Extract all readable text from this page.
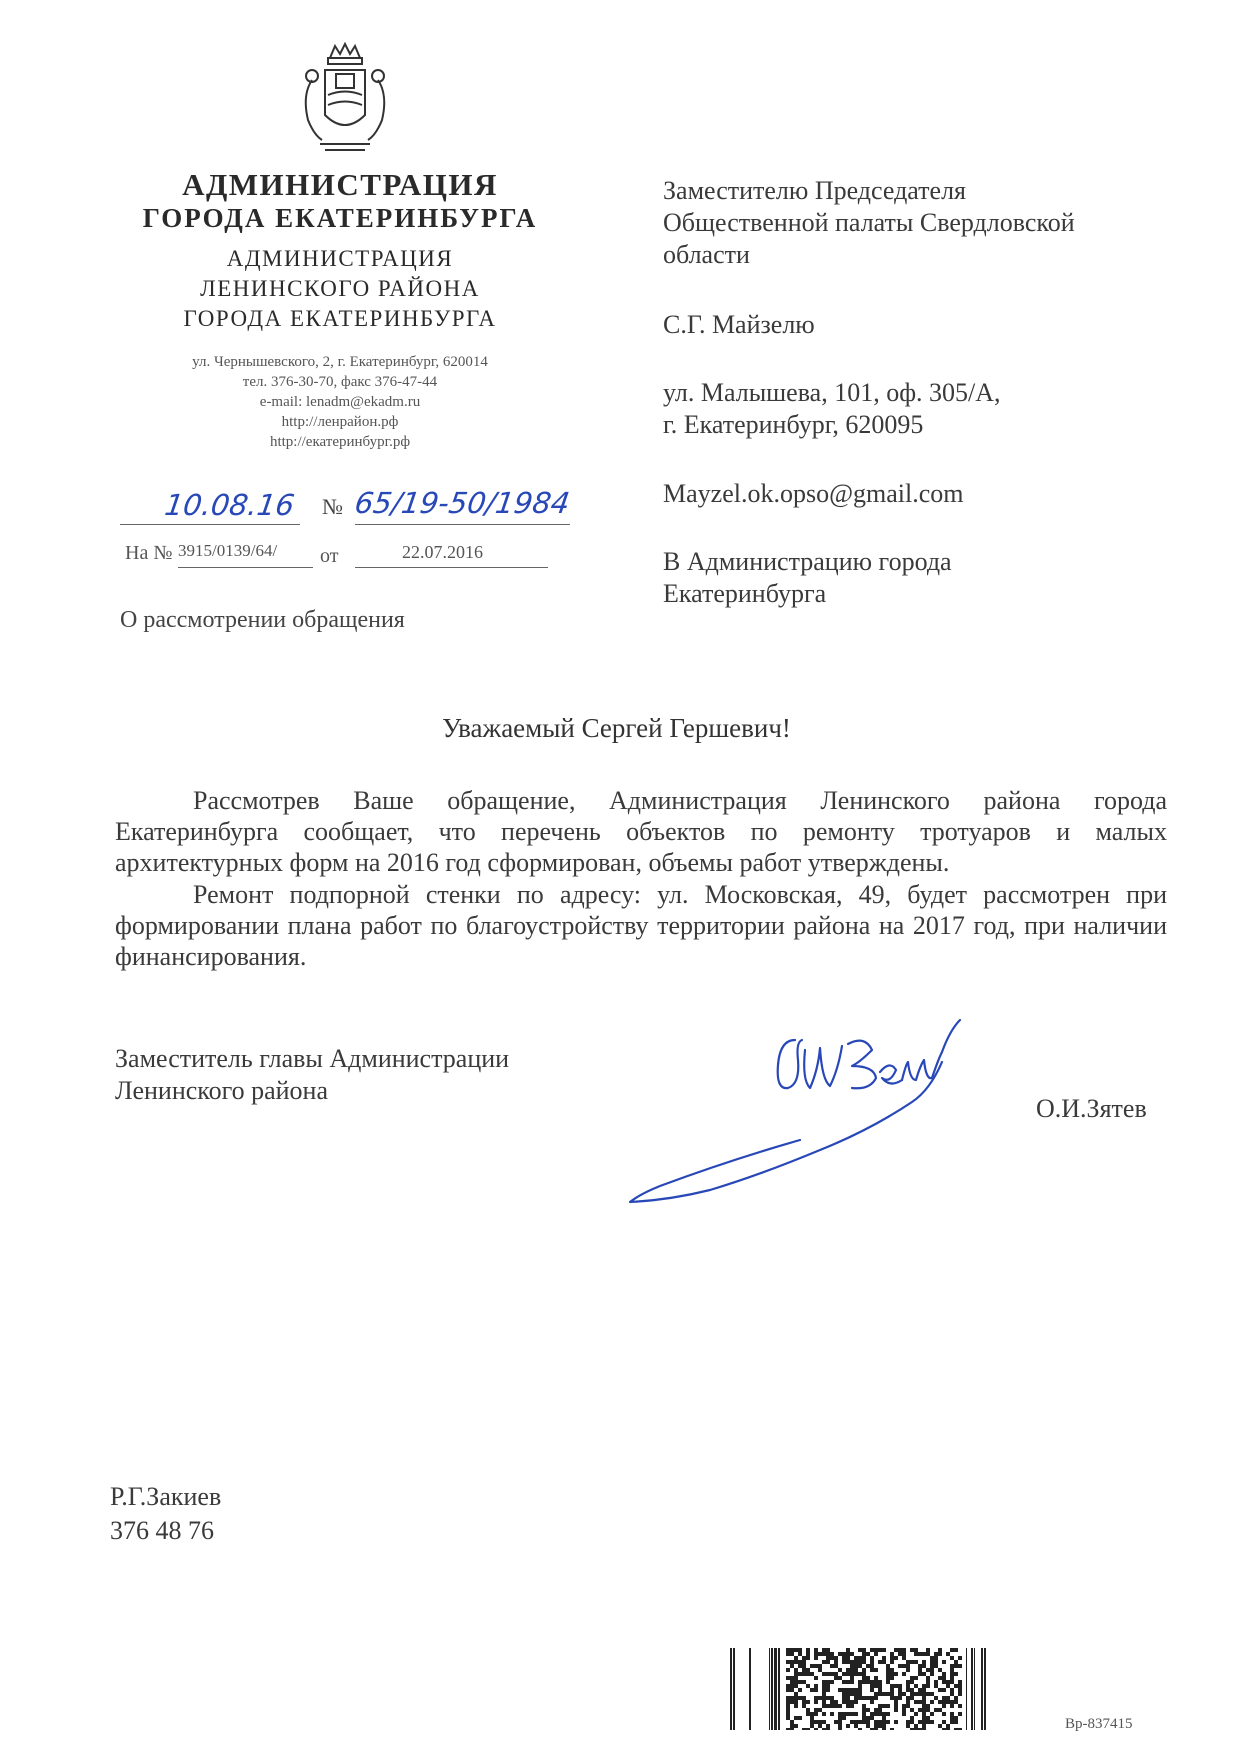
АДМИНИСТРАЦИЯ
ГОРОДА ЕКАТЕРИНБУРГА
АДМИНИСТРАЦИЯ
ЛЕНИНСКОГО РАЙОНА
ГОРОДА ЕКАТЕРИНБУРГА
ул. Чернышевского, 2, г. Екатеринбург, 620014
тел. 376-30-70, факс 376-47-44
e-mail: lenadm@ekadm.ru
http://ленрайон.рф
http://екатеринбург.рф
10.08.16 № 65/19-50/1984
На № 3915/0139/64/ от	22.07.2016
О рассмотрении обращения
Заместителю Председателя
Общественной палаты Свердловской
области
С.Г. Майзелю
ул. Малышева, 101, оф. 305/А,
г. Екатеринбург, 620095
Mayzel.ok.opso@gmail.com
В Администрацию города
Екатеринбурга
Уважаемый Сергей Гершевич!
Рассмотрев Ваше обращение, Администрация Ленинского района города Екатеринбурга сообщает, что перечень объектов по ремонту тротуаров и малых архитектурных форм на 2016 год сформирован, объемы работ утверждены.
Ремонт подпорной стенки по адресу: ул. Московская, 49, будет рассмотрен при формировании плана работ по благоустройству территории района на 2017 год, при наличии финансирования.
Заместитель главы Администрации
Ленинского района
О.И.Зятев
Р.Г.Закиев
376 48 76
Вр-837415
